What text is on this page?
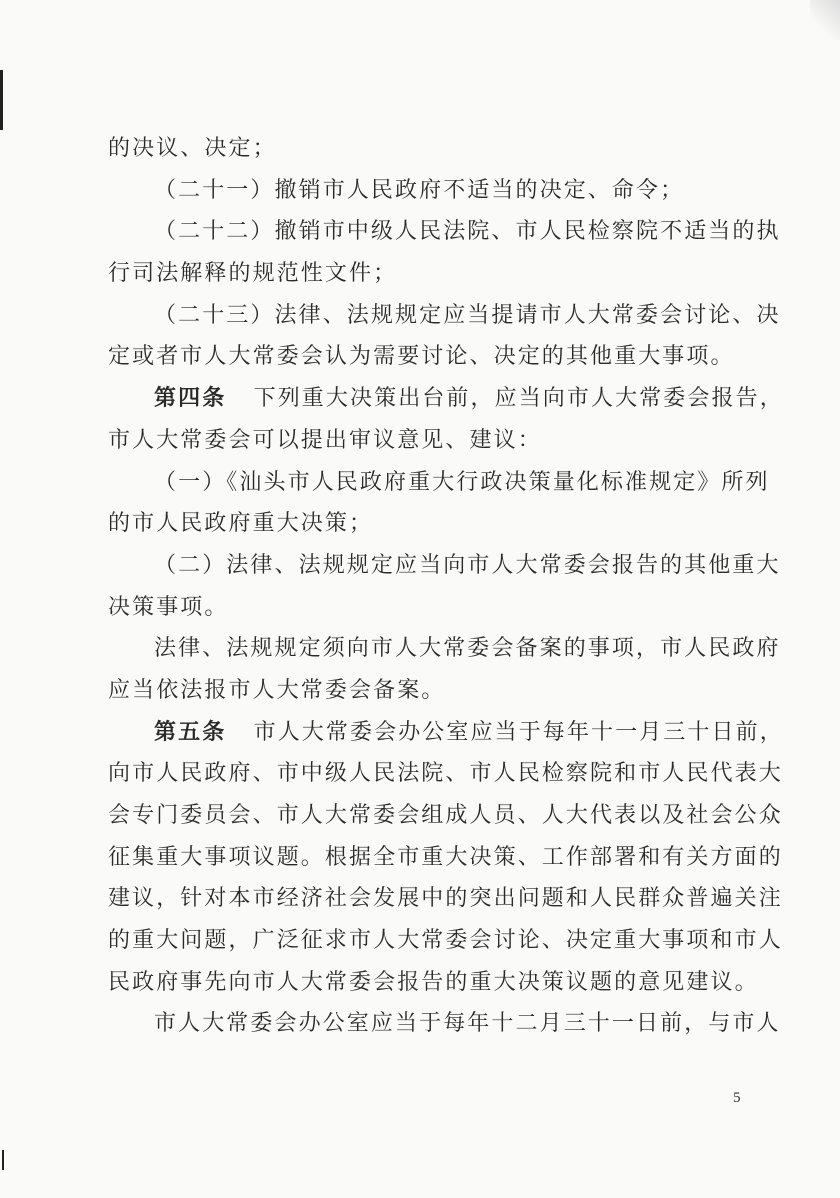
的决议、决定；
（二十一）撤销市人民政府不适当的决定、命令；
（二十二）撤销市中级人民法院、市人民检察院不适当的执
行司法解释的规范性文件；
（二十三）法律、法规规定应当提请市人大常委会讨论、决
定或者市人大常委会认为需要讨论、决定的其他重大事项。
第四条 下列重大决策出台前，应当向市人大常委会报告，
市人大常委会可以提出审议意见、建议：
（一）《汕头市人民政府重大行政决策量化标准规定》所列
的市人民政府重大决策；
（二）法律、法规规定应当向市人大常委会报告的其他重大
决策事项。
法律、法规规定须向市人大常委会备案的事项，市人民政府
应当依法报市人大常委会备案。
第五条 市人大常委会办公室应当于每年十一月三十日前，
向市人民政府、市中级人民法院、市人民检察院和市人民代表大
会专门委员会、市人大常委会组成人员、人大代表以及社会公众
征集重大事项议题。根据全市重大决策、工作部署和有关方面的
建议，针对本市经济社会发展中的突出问题和人民群众普遍关注
的重大问题，广泛征求市人大常委会讨论、决定重大事项和市人
民政府事先向市人大常委会报告的重大决策议题的意见建议。
市人大常委会办公室应当于每年十二月三十一日前，与市人
5
